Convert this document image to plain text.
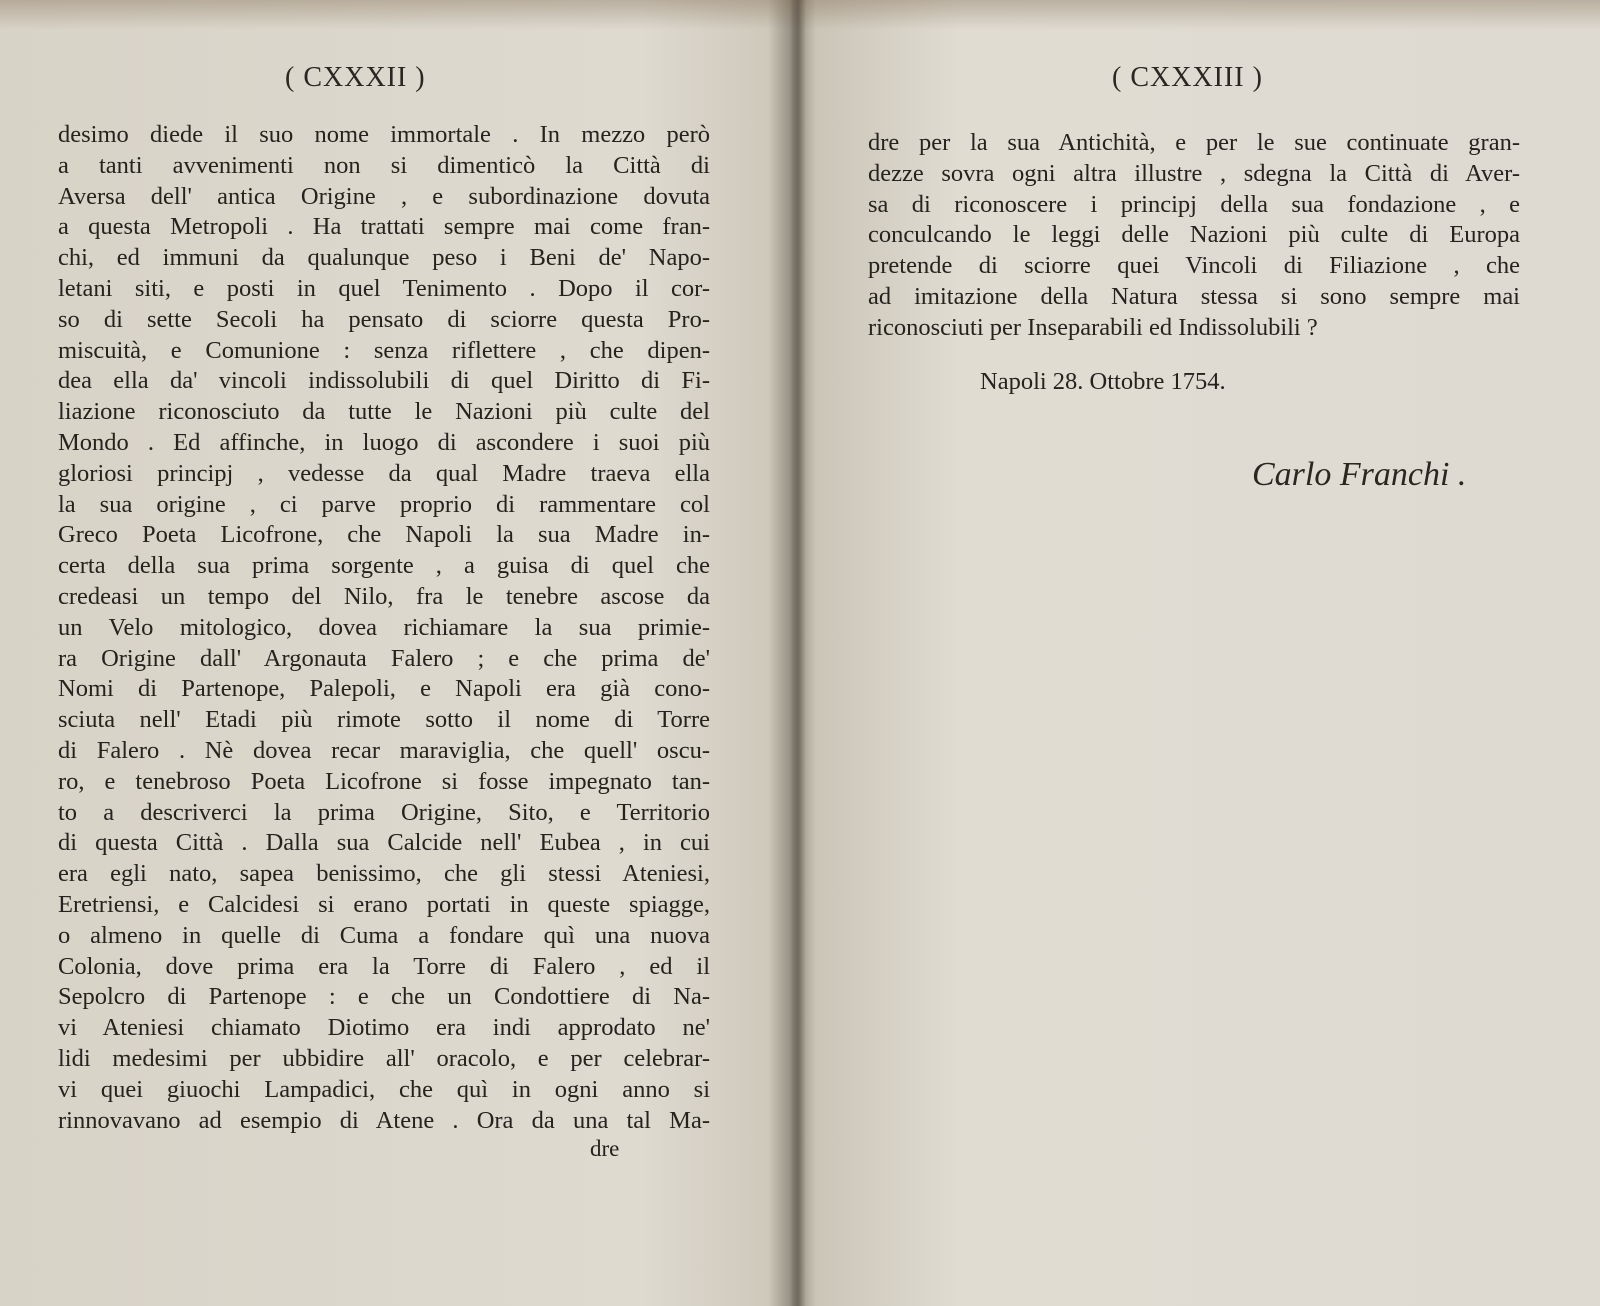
( CXXXII )
desimo diede il suo nome immortale . In mezzo però
a tanti avvenimenti non si dimenticò la Città di
Aversa dell' antica Origine , e subordinazione dovuta
a questa Metropoli . Ha trattati sempre mai come fran-
chi, ed immuni da qualunque peso i Beni de' Napo-
letani siti, e posti in quel Tenimento . Dopo il cor-
so di sette Secoli ha pensato di sciorre questa Pro-
miscuità, e Comunione : senza riflettere , che dipen-
dea ella da' vincoli indissolubili di quel Diritto di Fi-
liazione riconosciuto da tutte le Nazioni più culte del
Mondo . Ed affinche, in luogo di ascondere i suoi più
gloriosi principj , vedesse da qual Madre traeva ella
la sua origine , ci parve proprio di rammentare col
Greco Poeta Licofrone, che Napoli la sua Madre in-
certa della sua prima sorgente , a guisa di quel che
credeasi un tempo del Nilo, fra le tenebre ascose da
un Velo mitologico, dovea richiamare la sua primie-
ra Origine dall' Argonauta Falero ; e che prima de'
Nomi di Partenope, Palepoli, e Napoli era già cono-
sciuta nell' Etadi più rimote sotto il nome di Torre
di Falero . Nè dovea recar maraviglia, che quell' oscu-
ro, e tenebroso Poeta Licofrone si fosse impegnato tan-
to a descriverci la prima Origine, Sito, e Territorio
di questa Città . Dalla sua Calcide nell' Eubea , in cui
era egli nato, sapea benissimo, che gli stessi Ateniesi,
Eretriensi, e Calcidesi si erano portati in queste spiagge,
o almeno in quelle di Cuma a fondare quì una nuova
Colonia, dove prima era la Torre di Falero , ed il
Sepolcro di Partenope : e che un Condottiere di Na-
vi Ateniesi chiamato Diotimo era indi approdato ne'
lidi medesimi per ubbidire all' oracolo, e per celebrar-
vi quei giuochi Lampadici, che quì in ogni anno si
rinnovavano ad esempio di Atene . Ora da una tal Ma-
dre
( CXXXIII )
dre per la sua Antichità, e per le sue continuate gran-
dezze sovra ogni altra illustre , sdegna la Città di Aver-
sa di riconoscere i principj della sua fondazione , e
conculcando le leggi delle Nazioni più culte di Europa
pretende di sciorre quei Vincoli di Filiazione , che
ad imitazione della Natura stessa si sono sempre mai
riconosciuti per Inseparabili ed Indissolubili ?
Napoli 28. Ottobre 1754.
Carlo Franchi .
